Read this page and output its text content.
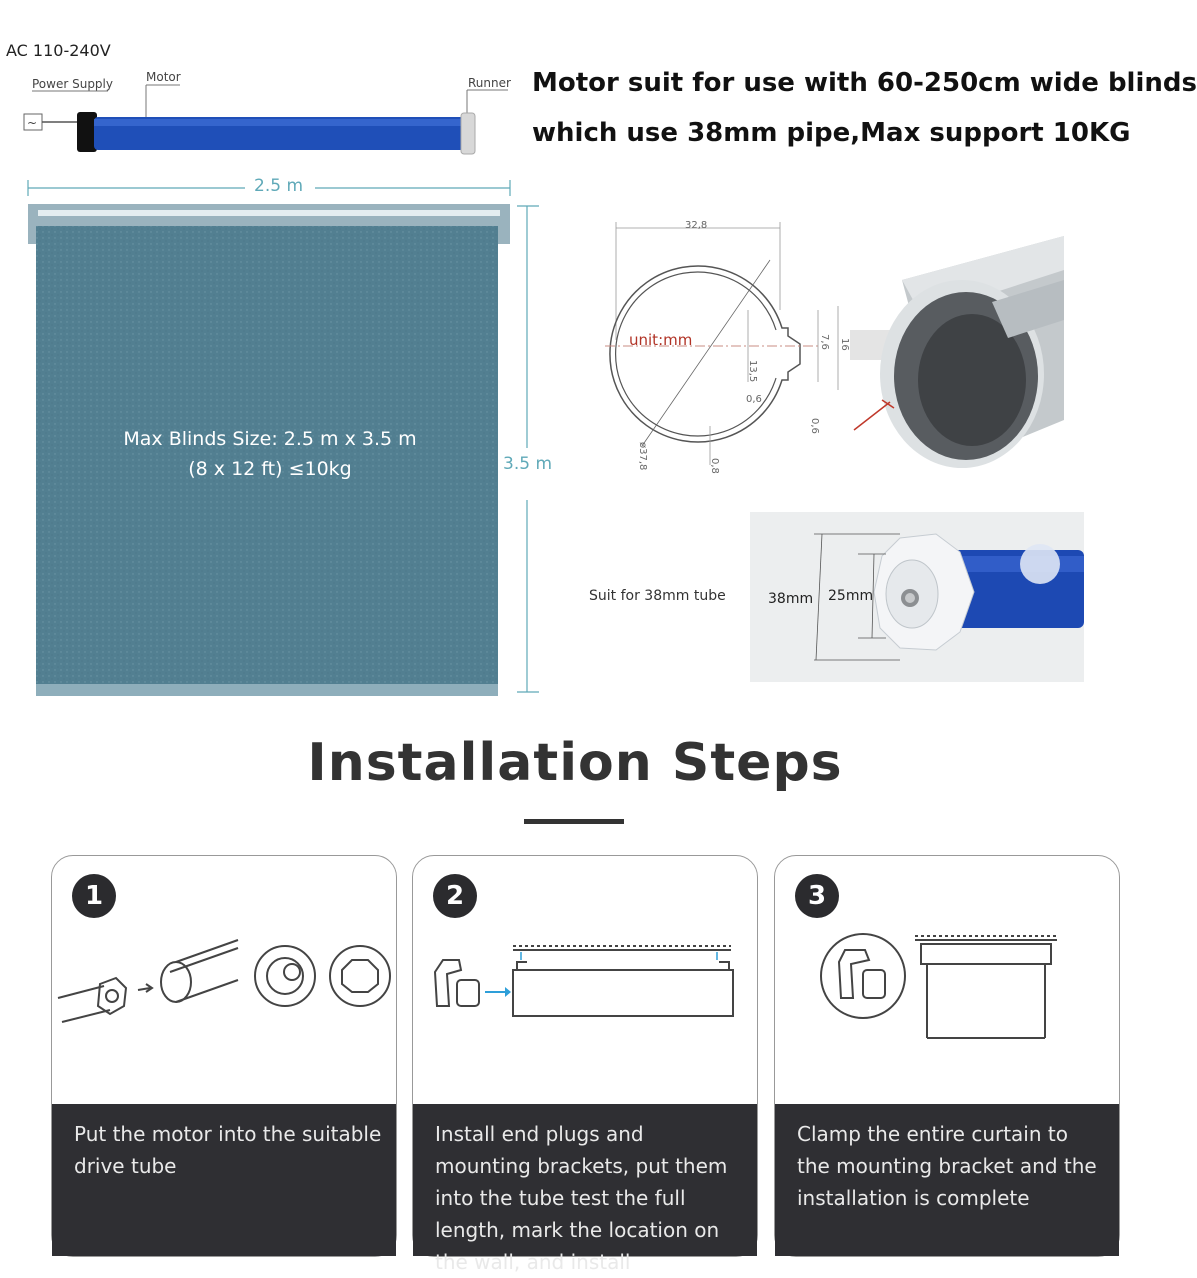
AC 110-240V
Power Supply	Motor	Runner
~
Motor suit for use with 60-250cm wide blinds
which use 38mm pipe,Max support 10KG
2.5 m
3.5 m
Max Blinds Size: 2.5 m x 3.5 m
(8 x 12 ft) ≤10kg
32,8
13,5
7,6 16
0,6
0,6
ø37,8	0,8
unit:mm
Suit for 38mm tube	38mm 25mm
Installation Steps
1
Put the motor into the suitable drive tube
2
Install end plugs and mounting brackets, put them into the tube test the full length, mark the location on the wall, and install
3
Clamp the entire curtain to the mounting bracket and the installation is complete
